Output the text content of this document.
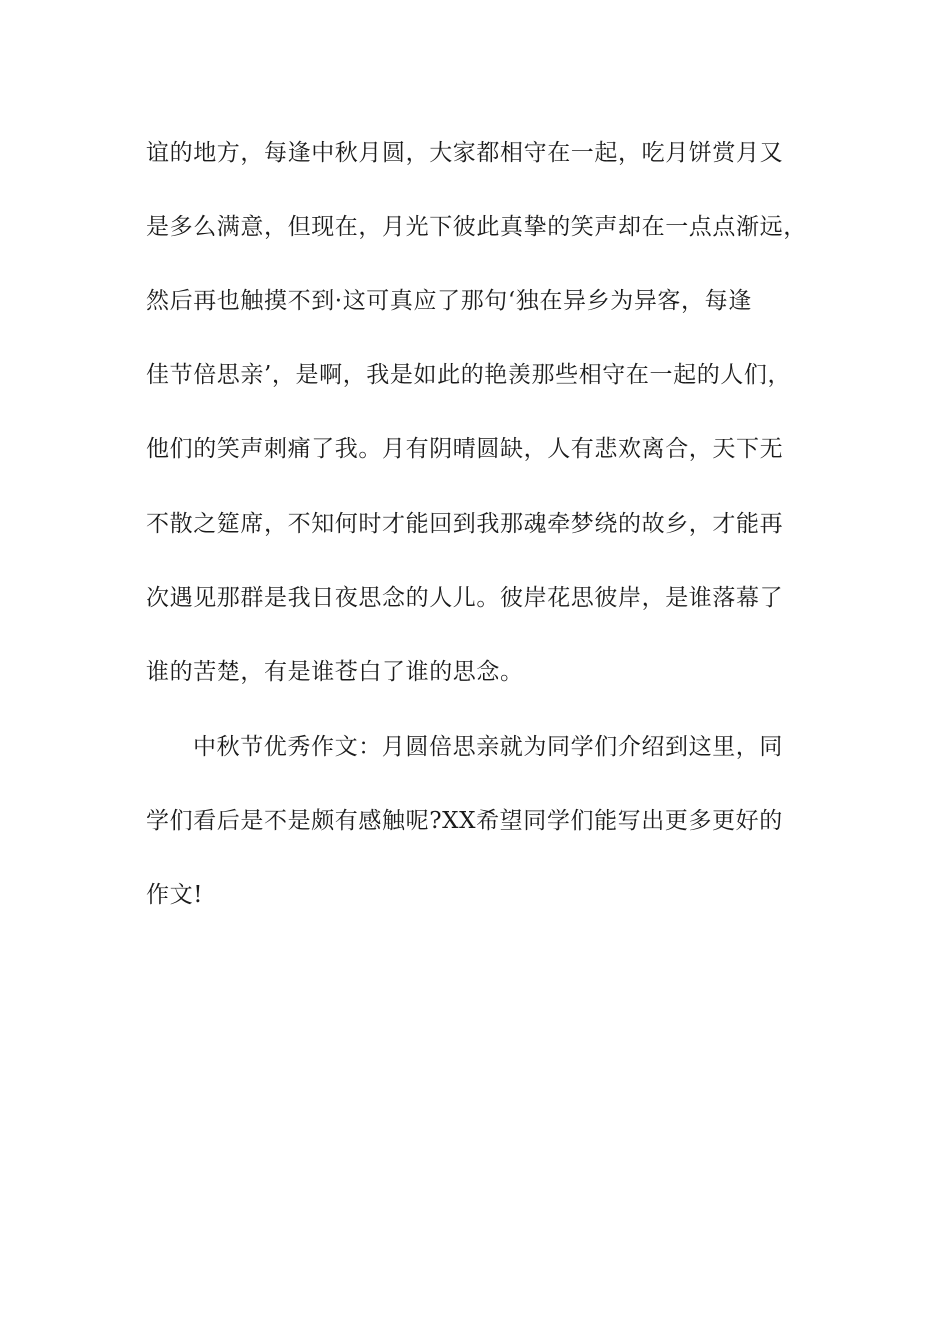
谊的地方，每逢中秋月圆，大家都相守在一起，吃月饼赏月又
是多么满意，但现在，月光下彼此真挚的笑声却在一点点渐远，
然后再也触摸不到·这可真应了那句‘独在异乡为异客，每逢
佳节倍思亲’，是啊，我是如此的艳羡那些相守在一起的人们，
他们的笑声刺痛了我。月有阴晴圆缺，人有悲欢离合，天下无
不散之筵席，不知何时才能回到我那魂牵梦绕的故乡，才能再
次遇见那群是我日夜思念的人儿。彼岸花思彼岸，是谁落幕了
谁的苦楚，有是谁苍白了谁的思念。
中秋节优秀作文：月圆倍思亲就为同学们介绍到这里，同
学们看后是不是颇有感触呢?XX希望同学们能写出更多更好的
作文!
